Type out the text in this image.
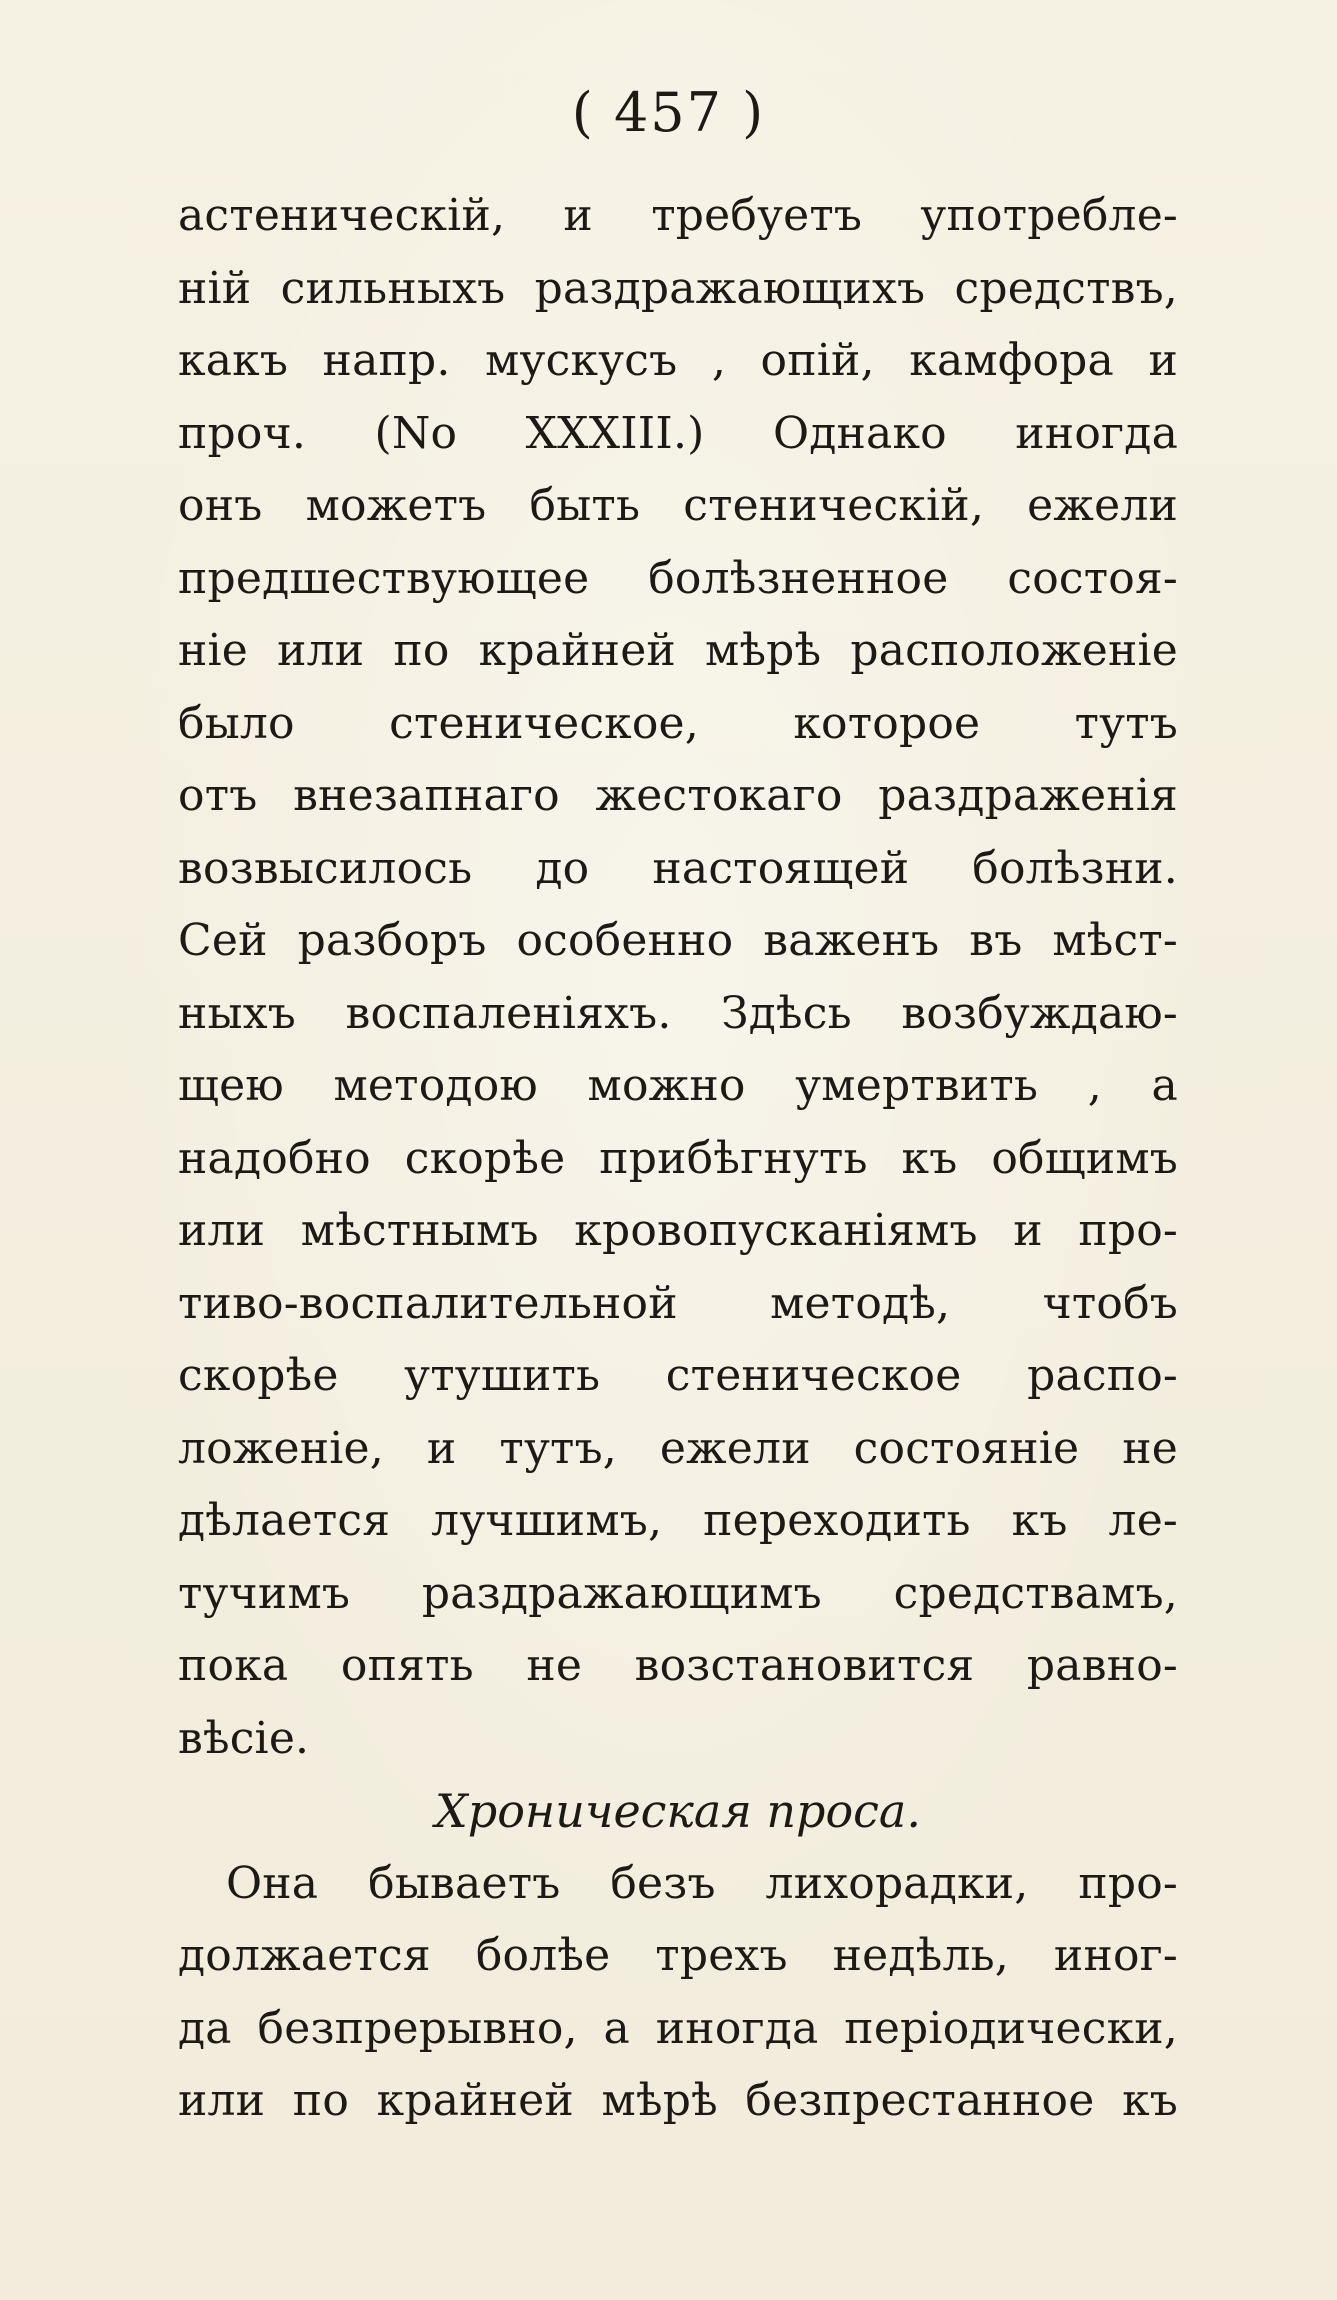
( 457 )
астеническій, и требуетъ употребле-
ній сильныхъ раздражающихъ средствъ,
какъ напр. мускусъ , опій, камфора и
проч. (No XXXIII.) Однако иногда
онъ можетъ быть стеническій, ежели
предшествующее болѣзненное состоя-
ніе или по крайней мѣрѣ расположеніе
было стеническое, которое тутъ
отъ внезапнаго жестокаго раздраженія
возвысилось до настоящей болѣзни.
Сей разборъ особенно важенъ въ мѣст-
ныхъ воспаленіяхъ. Здѣсь возбуждаю-
щею методою можно умертвить , а
надобно скорѣе прибѣгнуть къ общимъ
или мѣстнымъ кровопусканіямъ и про-
тиво-воспалительной методѣ, чтобъ
скорѣе утушить стеническое распо-
ложеніе, и тутъ, ежели состояніе не
дѣлается лучшимъ, переходить къ ле-
тучимъ раздражающимъ средствамъ,
пока опять не возстановится равно-
вѣсіе.
Хроническая проса.
Она бываетъ безъ лихорадки, про-
должается болѣе трехъ недѣль, иног-
да безпрерывно, а иногда періодически,
или по крайней мѣрѣ безпрестанное къ
